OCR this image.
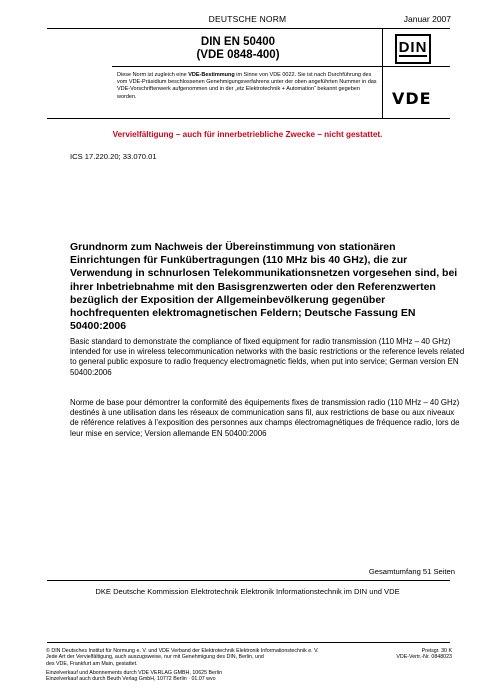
DEUTSCHE NORM	Januar 2007
DIN EN 50400
(VDE 0848-400)	DIN
Diese Norm ist zugleich eine VDE-Bestimmung im Sinne von VDE 0022. Sie ist nach Durchführung des vom VDE-Präsidium beschlossenen Genehmigungsverfahrens unter der oben angeführten Nummer in das VDE-Vorschriftenwerk aufgenommen und in der „etz Elektrotechnik + Automation“ bekannt gegeben worden.	VDE
Vervielfältigung – auch für innerbetriebliche Zwecke – nicht gestattet.
ICS 17.220.20; 33.070.01
Grundnorm zum Nachweis der Übereinstimmung von stationären Einrichtungen für Funkübertragungen (110 MHz bis 40 GHz), die zur Verwendung in schnurlosen Telekommunikationsnetzen vorgesehen sind, bei ihrer Inbetriebnahme mit den Basisgrenzwerten oder den Referenzwerten bezüglich der Exposition der Allgemeinbevölkerung gegenüber hochfrequenten elektromagnetischen Feldern; Deutsche Fassung EN 50400:2006
Basic standard to demonstrate the compliance of fixed equipment for radio transmission (110 MHz – 40 GHz) intended for use in wireless telecommunication networks with the basic restrictions or the reference levels related to general public exposure to radio frequency electromagnetic fields, when put into service; German version EN 50400:2006
Norme de base pour démontrer la conformité des équipements fixes de transmission radio (110 MHz – 40 GHz) destinés à une utilisation dans les réseaux de communication sans fil, aux restrictions de base ou aux niveaux de référence relatives à l’exposition des personnes aux champs électromagnétiques de fréquence radio, lors de leur mise en service; Version allemande EN 50400:2006
Gesamtumfang 51 Seiten
DKE Deutsche Kommission Elektrotechnik Elektronik Informationstechnik im DIN und VDE
© DIN Deutsches Institut für Normung e. V. und VDE Verband der Elektrotechnik Elektronik Informationstechnik e. V.
Jede Art der Vervielfältigung, auch auszugsweise, nur mit Genehmigung des DIN, Berlin, und
des VDE, Frankfurt am Main, gestattet.
Preisgr. 30 K
VDE-Vertr.-Nr. 0848023
Einzelverkauf und Abonnements durch VDE VERLAG GMBH, 10625 Berlin
Einzelverkauf auch durch Beuth Verlag GmbH, 10772 Berlin · 01.07 wvo
